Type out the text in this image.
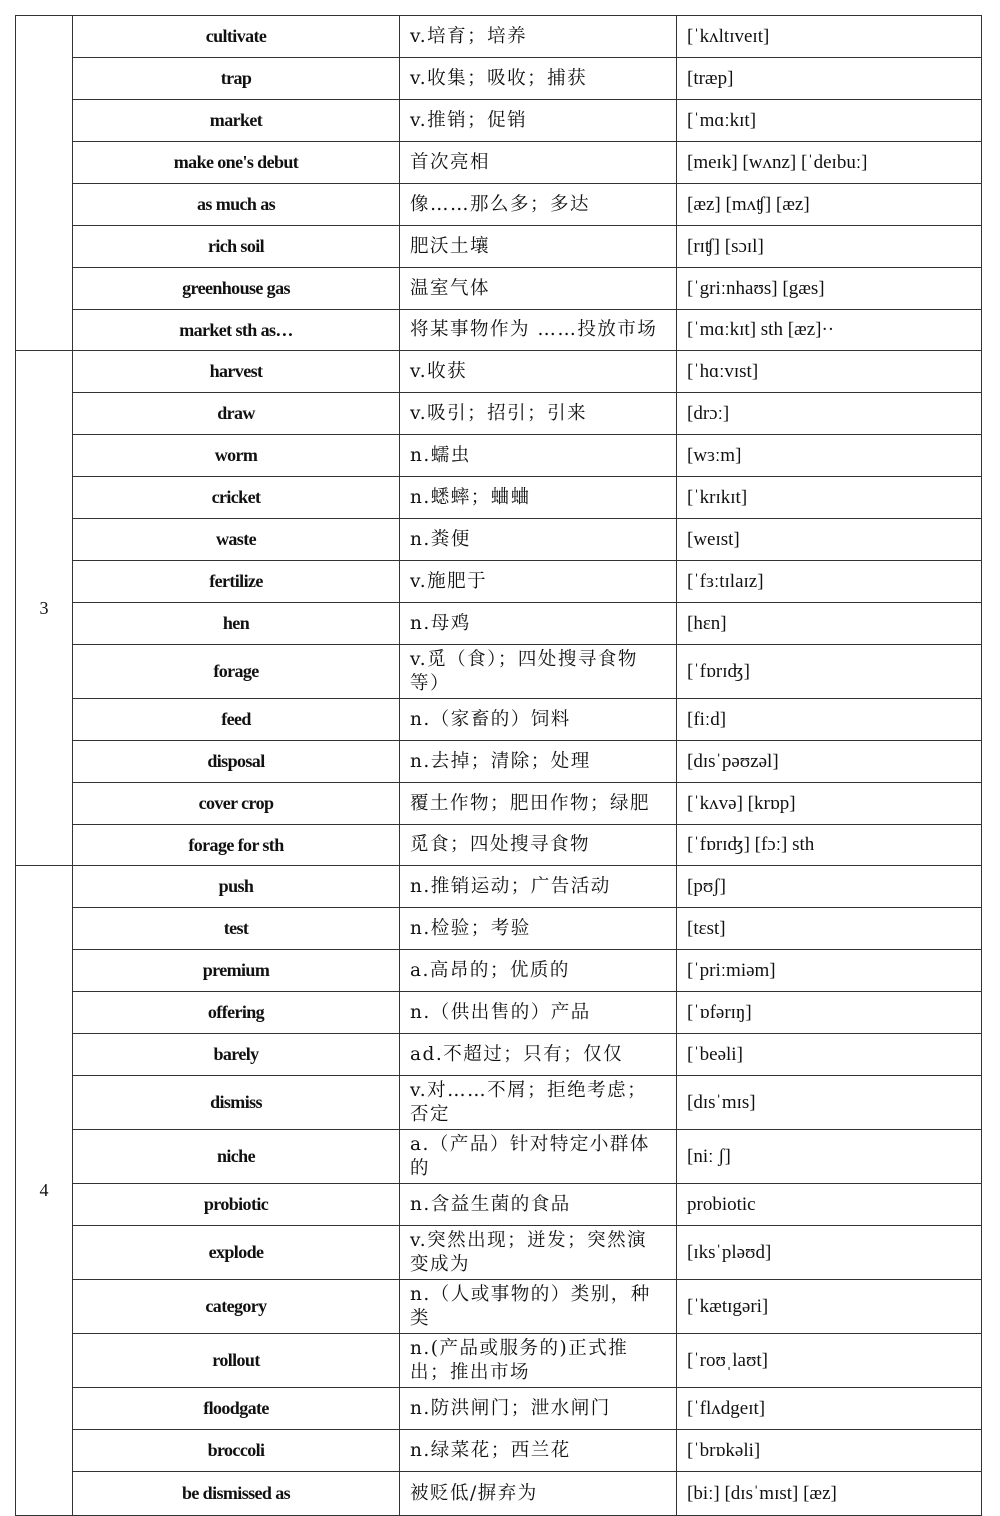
	cultivate	v.培育；培养	[ˈkʌltɪveɪt]
	trap	v.收集；吸收；捕获	[træp]
	market	v.推销；促销	[ˈmɑːkɪt]
	make one's debut	首次亮相	[meɪk] [wʌnz] [ˈdeɪbuː]
	as much as	像……那么多；多达	[æz] [mʌʧ] [æz]
	rich soil	肥沃土壤	[rɪʧ] [sɔɪl]
	greenhouse gas	温室气体	[ˈgriːnhaʊs] [gæs]
	market sth as…	将某事物作为 ……投放市场	[ˈmɑːkɪt] sth [æz]··
3	harvest	v.收获	[ˈhɑːvɪst]
	draw	v.吸引；招引；引来	[drɔː]
	worm	n.蠕虫	[wɜːm]
	cricket	n.蟋蟀；蛐蛐	[ˈkrɪkɪt]
	waste	n.粪便	[weɪst]
	fertilize	v.施肥于	[ˈfɜːtɪlaɪz]
	hen	n.母鸡	[hɛn]
	forage	v.觅（食）；四处搜寻食物等）	[ˈfɒrɪʤ]
	feed	n.（家畜的）饲料	[fiːd]
	disposal	n.去掉；清除；处理	[dɪsˈpəʊzəl]
	cover crop	覆土作物；肥田作物；绿肥	[ˈkʌvə] [krɒp]
	forage for sth	觅食；四处搜寻食物	[ˈfɒrɪʤ] [fɔː] sth
4	push	n.推销运动；广告活动	[pʊʃ]
	test	n.检验；考验	[tɛst]
	premium	a.高昂的；优质的	[ˈpriːmiəm]
	offering	n.（供出售的）产品	[ˈɒfərɪŋ]
	barely	ad.不超过；只有；仅仅	[ˈbeəli]
	dismiss	v.对……不屑；拒绝考虑；否定	[dɪsˈmɪs]
	niche	a.（产品）针对特定小群体的	[niː ʃ]
	probiotic	n.含益生菌的食品	probiotic
	explode	v.突然出现；迸发；突然演变成为	[ɪksˈpləʊd]
	category	n.（人或事物的）类别，种类	[ˈkætɪgəri]
	rollout	n.(产品或服务的)正式推出；推出市场	[ˈroʊˌlaʊt]
	floodgate	n.防洪闸门；泄水闸门	[ˈflʌdgeɪt]
	broccoli	n.绿菜花；西兰花	[ˈbrɒkəli]
	be dismissed as	被贬低/摒弃为	[biː] [dɪsˈmɪst] [æz]
